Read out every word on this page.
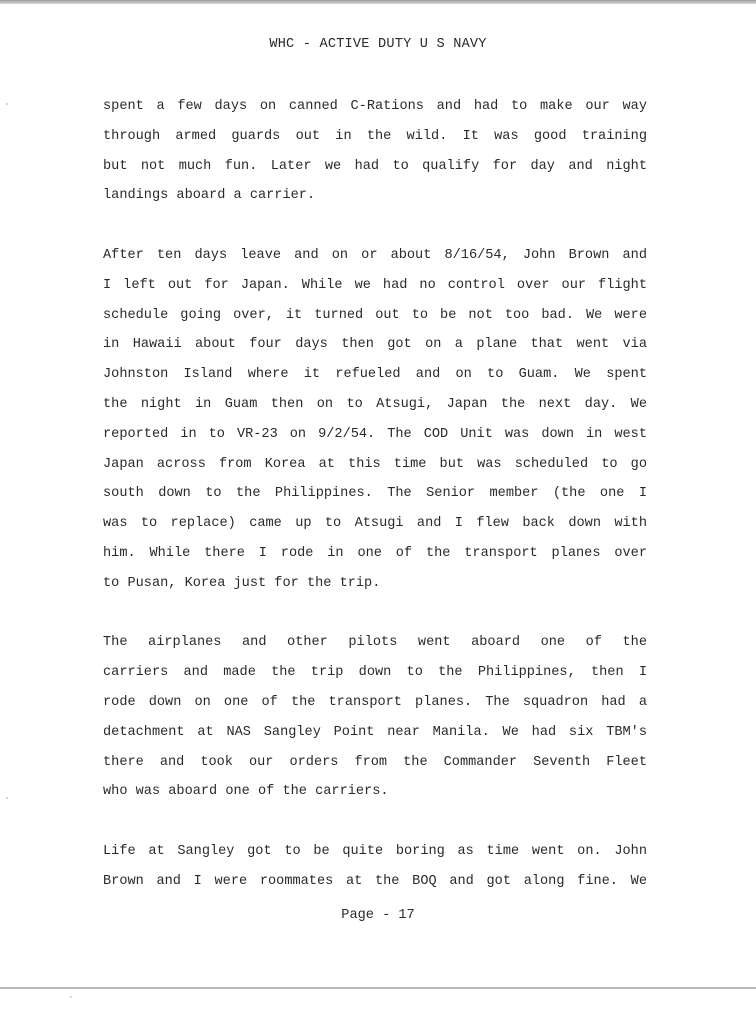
WHC - ACTIVE DUTY U S NAVY
spent a few days on canned C-Rations and had to make our way
through armed guards out in the wild. It was good training
but not much fun. Later we had to qualify for day and night
landings aboard a carrier.
After ten days leave and on or about 8/16/54, John Brown and
I left out for Japan. While we had no control over our flight
schedule going over, it turned out to be not too bad. We were
in Hawaii about four days then got on a plane that went via
Johnston Island where it refueled and on to Guam. We spent
the night in Guam then on to Atsugi, Japan the next day. We
reported in to VR-23 on 9/2/54. The COD Unit was down in west
Japan across from Korea at this time but was scheduled to go
south down to the Philippines. The Senior member (the one I
was to replace) came up to Atsugi and I flew back down with
him. While there I rode in one of the transport planes over
to Pusan, Korea just for the trip.
The airplanes and other pilots went aboard one of the
carriers and made the trip down to the Philippines, then I
rode down on one of the transport planes. The squadron had a
detachment at NAS Sangley Point near Manila. We had six TBM's
there and took our orders from the Commander Seventh Fleet
who was aboard one of the carriers.
Life at Sangley got to be quite boring as time went on. John
Brown and I were roommates at the BOQ and got along fine. We
Page - 17
